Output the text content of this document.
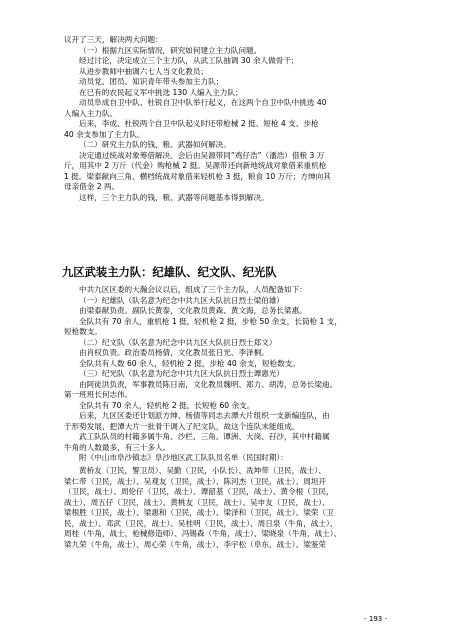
议开了三天，解决两大问题：
（一）根据九区实际情况，研究如何建立主力队问题。
经过讨论，决定成立三个主力队，从武工队抽调 30 余人做骨干；
从进步教师中抽调六七人当文化教员；
动员党、团员、知识青年带头参加主力队；
在已有的农民起义军中挑选 130 人编入主力队；
动员阜成自卫中队、杜锐自卫中队举行起义，在这两个自卫中队中挑选 40
人编入主力队。
后来，李成、杜锐两个自卫中队起义时还带枪械 2 挺、短枪 4 支、步枪
40 余支参加了主力队。
（二）研究主力队的钱、粮、武器如何解决。
决定通过统战对象筹借解决。会后由吴源带同“鸡仔浩”（潘浩）借粮 3 万
斤，用其中 2 万斤（代金）购枪械 2 挺。吴源带还向新地统战对象借来重机枪
1 挺。梁泰献向三角、横档统战对象借来轻机枪 3 挺，粮食 10 万斤；方绅向其
母亲借金 2 两。
这样，三个主力队的钱、粮、武器等问题基本得到解决。
九区武装主力队：纪雄队、纪文队、纪光队
中共九区区委的大瀚会议以后，组成了三个主力队，人员配备如下：
（一）纪雄队（队名意为纪念中共九区大队抗日烈士梁伯雄）
由梁泰献负责。副队长黄泰，文化教员黄森、黄文海，总务长梁惠。
全队共有 70 余人，重机枪 1 挺，轻机枪 2 挺，步枪 50 余支，长筒枪 1 支，
短枪数支。
（二）纪文队（队名意为纪念中共九区大队抗日烈士郑文）
由肖权负责。政治委员杨倩，文化教员张日光、李泽桐。
全队共有人数 60 余人，轻机枪 2 挺，步枪 40 余支，短枪数支。
（三）纪光队（队名意为纪念中共九区大队抗日烈士谭惠光）
由阿徒洪负责，军事教员陈日南，文化教员魏明、郑力、胡涛，总务长梁迪、
第一班班长何志伟。
全队共有 70 余人，轻机枪 2 挺，长短枪 60 余支。
后来，九区区委还计划派方绅、杨倩等同志去潭大片组织一支新编连队，由
于形势发展，把潭大片一批骨干调入了纪文队，故这个连队未能组成。
武工队队员的村籍多属牛角、沙栏、三角、谭洲、大岗、孖沙，其中村籍属
牛角的人数最多，有三十多人。
附《中山市阜沙镇志》阜沙地区武工队队员名单（民国时期）：
黄桥友（卫民，警卫员）、吴勤（卫民，小队长）、冼坤带（卫民，战士）、
梁仁带（卫民，战士）、吴观友（卫民，战士）、陈河杰（卫民，战士）、周坦开
（卫民，战士）、周伦仔（卫民，战士）、谭韶基（卫民，战士）、黄令根（卫民，
战士）、周五仔（卫民，战士）、黄桃友（卫民，战士）、吴申友（卫民，战士）、
梁根胜（卫民，战士）、梁惠和（卫民，战士）、梁泽和（卫民，战士）、梁荣（卫
民，战士）、邓武（卫民，战士）、吴桂明（卫民，战士）、周日泉（牛角，战士）、
周桂（牛角，战士，枪械修造师）、冯锡森（牛角，战士）、梁晓泉（牛角，战士）、
梁九荣（牛角，战士）、周心荣（牛角，战士）、李宇松（阜东，战士）、梁鉴荣
- 193 -
